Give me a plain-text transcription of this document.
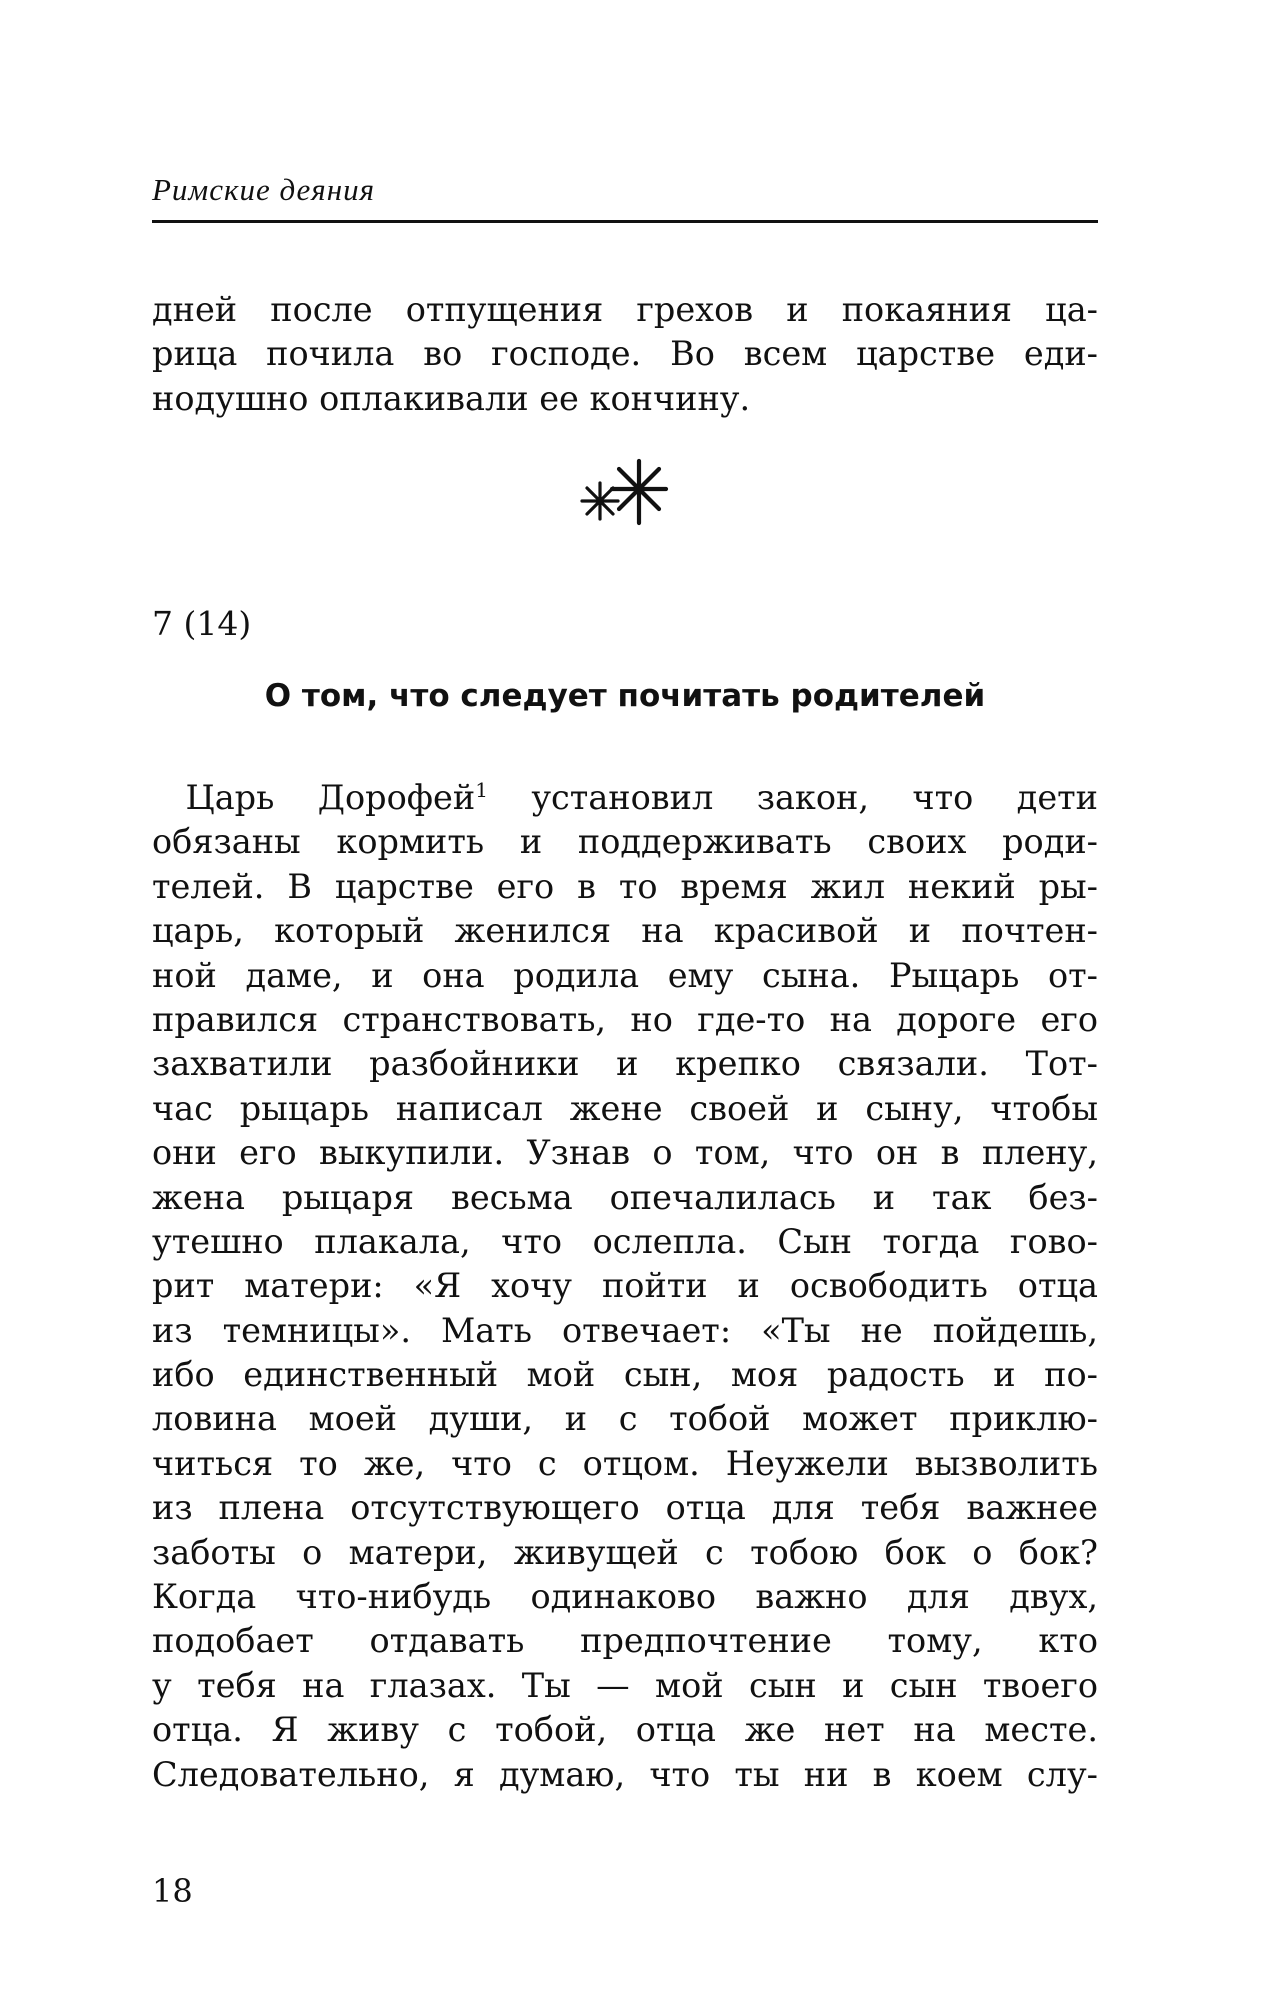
Римские деяния
дней после отпущения грехов и покаяния ца-
рица почила во господе. Во всем царстве еди-
нодушно оплакивали ее кончину.
7 (14)
О том, что следует почитать родителей
 Царь Дорофей$^1$ установил закон, что дети
обязаны кормить и поддерживать своих роди-
телей. В царстве его в то время жил некий ры-
царь, который женился на красивой и почтен-
ной даме, и она родила ему сына. Рыцарь от-
правился странствовать, но где-то на дороге его
захватили разбойники и крепко связали. Тот-
час рыцарь написал жене своей и сыну, чтобы
они его выкупили. Узнав о том, что он в плену,
жена рыцаря весьма опечалилась и так без-
утешно плакала, что ослепла. Сын тогда гово-
рит матери: «Я хочу пойти и освободить отца
из темницы». Мать отвечает: «Ты не пойдешь,
ибо единственный мой сын, моя радость и по-
ловина моей души, и с тобой может приклю-
читься то же, что с отцом. Неужели вызволить
из плена отсутствующего отца для тебя важнее
заботы о матери, живущей с тобою бок о бок?
Когда что-нибудь одинаково важно для двух,
подобает отдавать предпочтение тому, кто
у тебя на глазах. Ты — мой сын и сын твоего
отца. Я живу с тобой, отца же нет на месте.
Следовательно, я думаю, что ты ни в коем слу-
18
